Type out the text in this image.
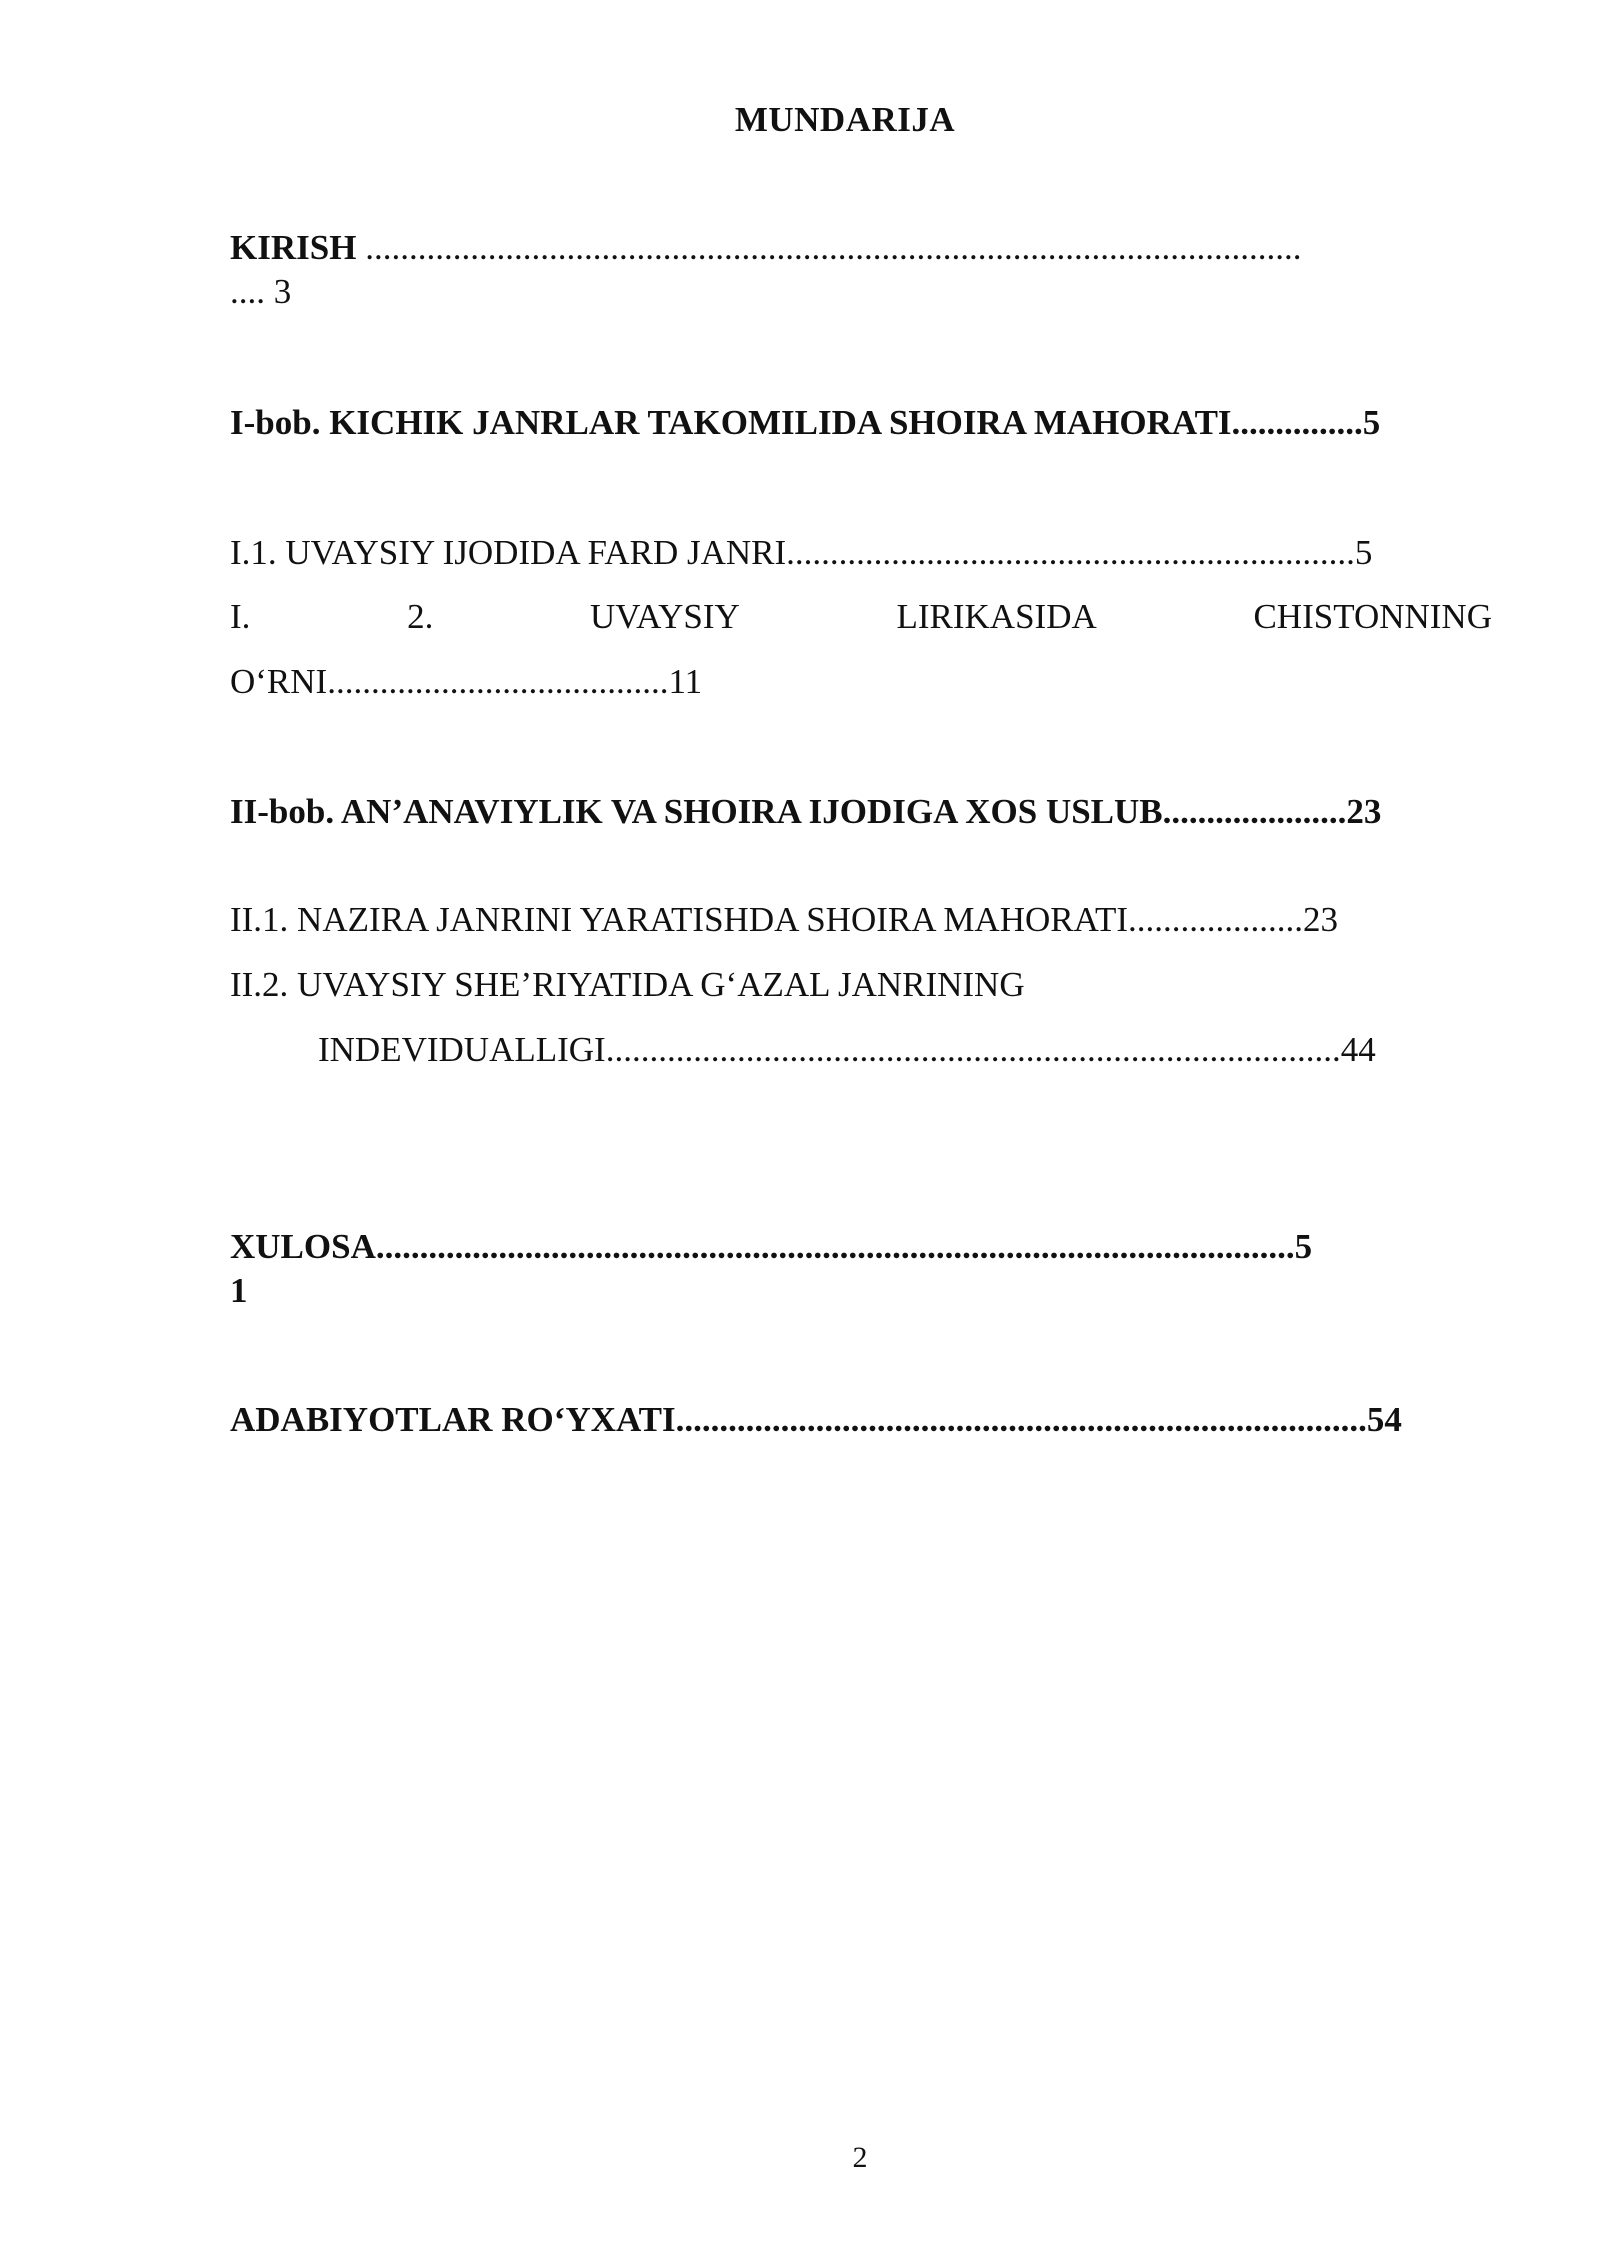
MUNDARIJA
KIRISH ...........................................................................................................
.... 3
I-bob. KICHIK JANRLAR TAKOMILIDA SHOIRA MAHORATI...............5
I.1. UVAYSIY IJODIDA FARD JANRI.................................................................5
I.	2.	UVAYSIY	LIRIKASIDA	CHISTONNING
O‘RNI.......................................11
II-bob. AN’ANAVIYLIK VA SHOIRA IJODIGA XOS USLUB.....................23
II.1. NAZIRA JANRINI YARATISHDA SHOIRA MAHORATI....................23
II.2. UVAYSIY SHE’RIYATIDA G‘AZAL JANRINING
INDEVIDUALLIGI....................................................................................44
XULOSA.........................................................................................................5
1
ADABIYOTLAR RO‘YXATI...............................................................................54
2
